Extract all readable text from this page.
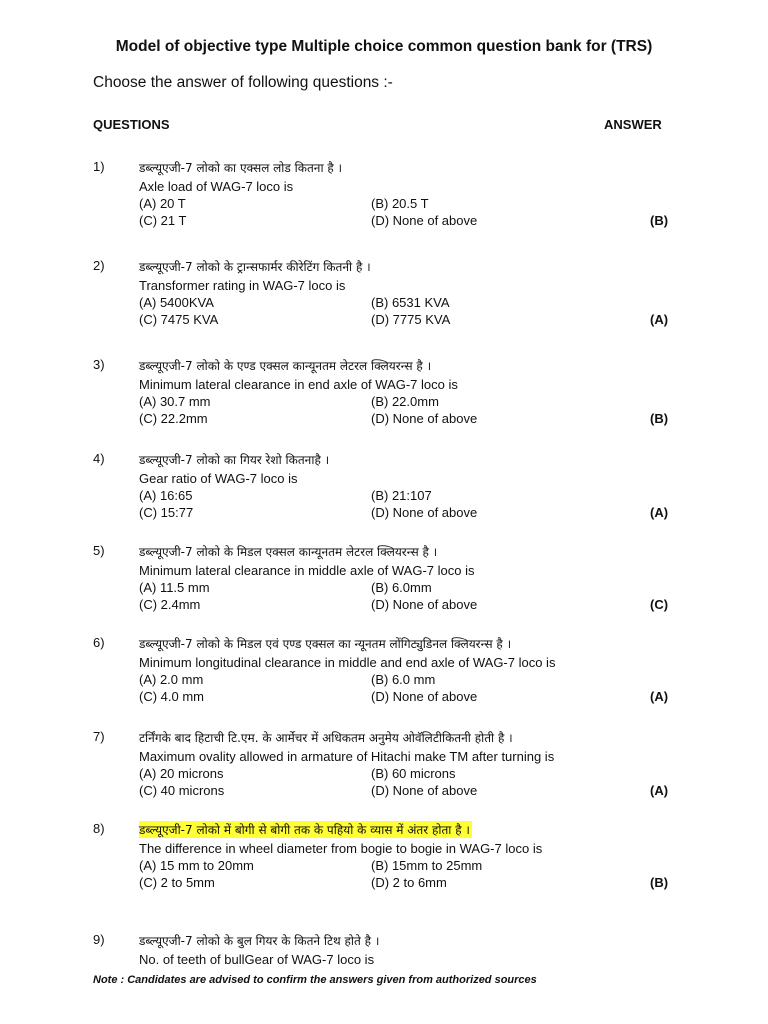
Model of objective type Multiple choice common question bank for (TRS)
Choose the answer of following questions :-
QUESTIONS	ANSWER
1)	डब्ल्यूएजी-7 लोको का एक्सल लोड कितना है ।
Axle load of WAG-7 loco is
(A) 20 T	(B) 20.5 T
(C) 21 T	(D) None of above	(B)
2)	डब्ल्यूएजी-7 लोको के ट्रान्सफार्मर कीरेटिंग कितनी है ।
Transformer rating in WAG-7 loco is
(A) 5400KVA	(B) 6531 KVA
(C) 7475 KVA	(D) 7775 KVA	(A)
3)	डब्ल्यूएजी-7 लोको के एण्ड एक्सल कान्यूनतम लेटरल क्लियरन्स है ।
Minimum lateral clearance in end axle of WAG-7 loco is
(A) 30.7 mm	(B) 22.0mm
(C) 22.2mm	(D) None of above	(B)
4)	डब्ल्यूएजी-7 लोको का गियर रेशो कितनाहै ।
Gear ratio of WAG-7 loco is
(A) 16:65	(B) 21:107
(C) 15:77	(D) None of above	(A)
5)	डब्ल्यूएजी-7 लोको के मिडल एक्सल कान्यूनतम लेटरल क्लियरन्स है ।
Minimum lateral clearance in middle axle of WAG-7 loco is
(A) 11.5 mm	(B) 6.0mm
(C) 2.4mm	(D) None of above	(C)
6)	डब्ल्यूएजी-7 लोको के मिडल एवं एण्ड एक्सल का न्यूनतम लोंगिट्युडिनल क्लियरन्स है ।
Minimum longitudinal clearance in middle and end axle of WAG-7 loco is
(A) 2.0 mm	(B) 6.0 mm
(C) 4.0 mm	(D) None of above	(A)
7)	टर्निंगके बाद हिटाची टि.एम. के आर्मेचर में अधिकतम अनुमेय ओवॅलिटीकितनी होती है ।
Maximum ovality allowed in armature of Hitachi make TM after turning is
(A) 20 microns	(B) 60 microns
(C) 40 microns	(D) None of above	(A)
8)	डब्ल्यूएजी-7 लोको में बोगी से बोगी तक के पहियो के व्यास में अंतर होता है ।
The difference in wheel diameter from bogie to bogie in WAG-7 loco is
(A) 15 mm to 20mm	(B) 15mm to 25mm
(C) 2 to 5mm	(D) 2 to 6mm	(B)
9)	डब्ल्यूएजी-7 लोको के बुल गियर के कितने टिथ होते है ।
No. of teeth of bullGear of WAG-7 loco is
Note : Candidates are advised to confirm the answers given from authorized sources
